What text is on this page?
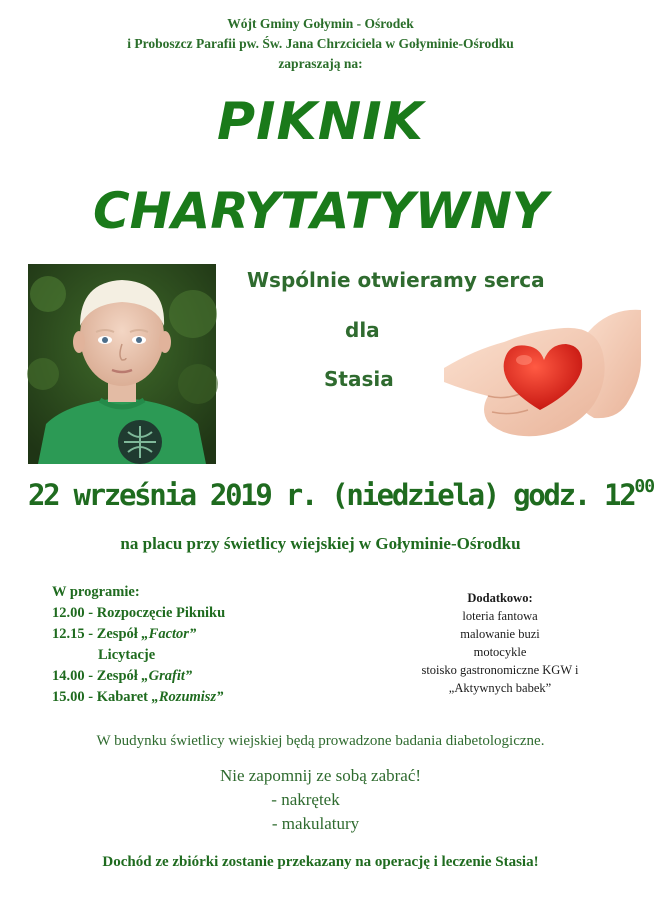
Wójt Gminy Gołymin - Ośrodek
i Proboszcz Parafii pw. Św. Jana Chrzciciela w Gołyminie-Ośrodku
zapraszają na:
PIKNIK
CHARYTATYWNY
Wspólnie otwieramy serca
dla
Stasia
22 września 2019 r. (niedziela) godz. $12^{00}$
na placu przy świetlicy wiejskiej w Gołyminie-Ośrodku
W programie:
12.00 - Rozpoczęcie Pikniku
12.15 - Zespół „Factor”
Licytacje
14.00 - Zespół „Grafit”
15.00 - Kabaret „Rozumisz”
Dodatkowo:
loteria fantowa
malowanie buzi
motocykle
stoisko gastronomiczne KGW i
„Aktywnych babek”
W budynku świetlicy wiejskiej będą prowadzone badania diabetologiczne.
Nie zapomnij ze sobą zabrać!
- nakrętek
- makulatury
Dochód ze zbiórki zostanie przekazany na operację i leczenie Stasia!
